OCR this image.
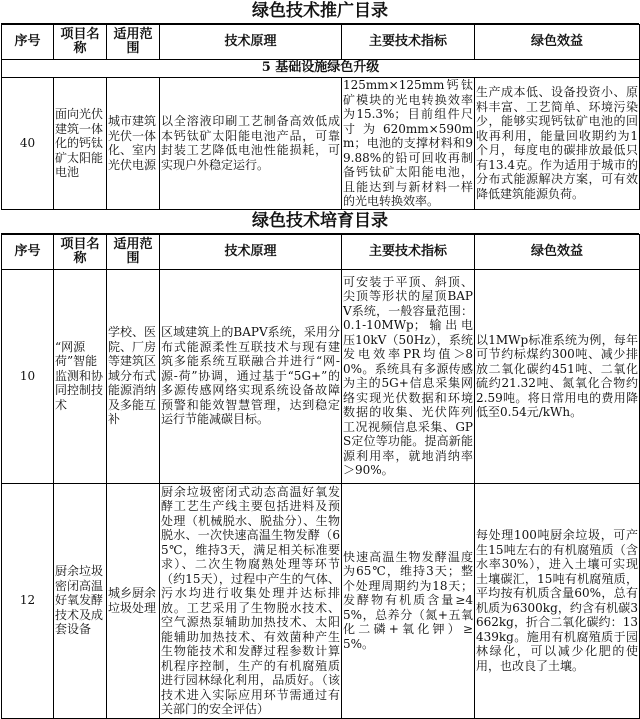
绿色技术推广目录
序号	项目名称	适用范围	技术原理	主要技术指标	绿色效益
5 基础设施绿色升级					
40	面向光伏建筑一体化的钙钛矿太阳能电池	城市建筑光伏一体化、室内光伏电源	以全溶液印刷工艺制备高效低成本钙钛矿太阳能电池产品，可靠封装工艺降低电池性能损耗，可实现户外稳定运行。	125mm×125mm钙钛矿模块的光电转换效率为15.3%；目前组件尺寸为620mm×590mm；电池的支撑材料和99.88%的铅可回收再制备钙钛矿太阳能电池，且能达到与新材料一样的光电转换效率。	生产成本低、设备投资小、原料丰富、工艺简单、环境污染少，能够实现钙钛矿电池的回收再利用，能量回收期约为1个月，每度电的碳排放最低只有13.4克。作为适用于城市的分布式能源解决方案，可有效降低建筑能源负荷。
绿色技术培育目录
序号	项目名称	适用范围	技术原理	主要技术指标	绿色效益
10	“网源荷”智能监测和协同控制技术	学校、医院、厂房等建筑区域分布式能源消纳及多能互补	区域建筑上的BAPV系统，采用分布式能源柔性互联技术与现有建筑多能系统互联融合并进行“网-源-荷”协调，通过基于“5G+”的多源传感网络实现系统设备故障预警和能效智慧管理，达到稳定运行节能减碳目标。	可安装于平顶、斜顶、尖顶等形状的屋顶BAPV系统，一般容量范围：0.1-10MWp；输出电压10kV（50Hz），系统发电效率PR均值＞80%。系统具有多源传感为主的5G+信息采集网络实现光伏数据和环境数据的收集、光伏阵列工况视频信息采集、GPS定位等功能。提高新能源利用率，就地消纳率＞90%。	以1MWp标准系统为例，每年可节约标煤约300吨、减少排放二氧化碳约451吨、二氧化硫约21.32吨、氮氧化合物约2.59吨。将日常用电的费用降低至0.54元/kWh。
12	厨余垃圾密闭高温好氧发酵技术及成套设备	城乡厨余垃圾处理	厨余垃圾密闭式动态高温好氧发酵工艺生产线主要包括进料及预处理（机械脱水、脱盐分）、生物脱水、一次快速高温生物发酵（65℃，维持3天，满足相关标准要求）、二次生物腐熟处理等环节（约15天），过程中产生的气体、污水均进行收集处理并达标排放。工艺采用了生物脱水技术、空气源热泵辅助加热技术、太阳能辅助加热技术、有效菌种产生生物能技术和发酵过程参数计算机程序控制，生产的有机腐殖质进行园林绿化利用，品质好。（该技术进入实际应用环节需通过有关部门的安全评估）	快速高温生物发酵温度为65℃，维持3天；整个处理周期约为18天；发酵物有机质含量≥45%，总养分（氮+五氧化二磷+氧化钾）≥5%。	每处理100吨厨余垃圾，可产生15吨左右的有机腐殖质（含水率30%），进入土壤可实现土壤碳汇，15吨有机腐殖质，平均按有机质含量60%，总有机质为6300kg，约含有机碳3662kg，折合二氧化碳约：13439kg。施用有机腐殖质于园林绿化，可以减少化肥的使用，也改良了土壤。
